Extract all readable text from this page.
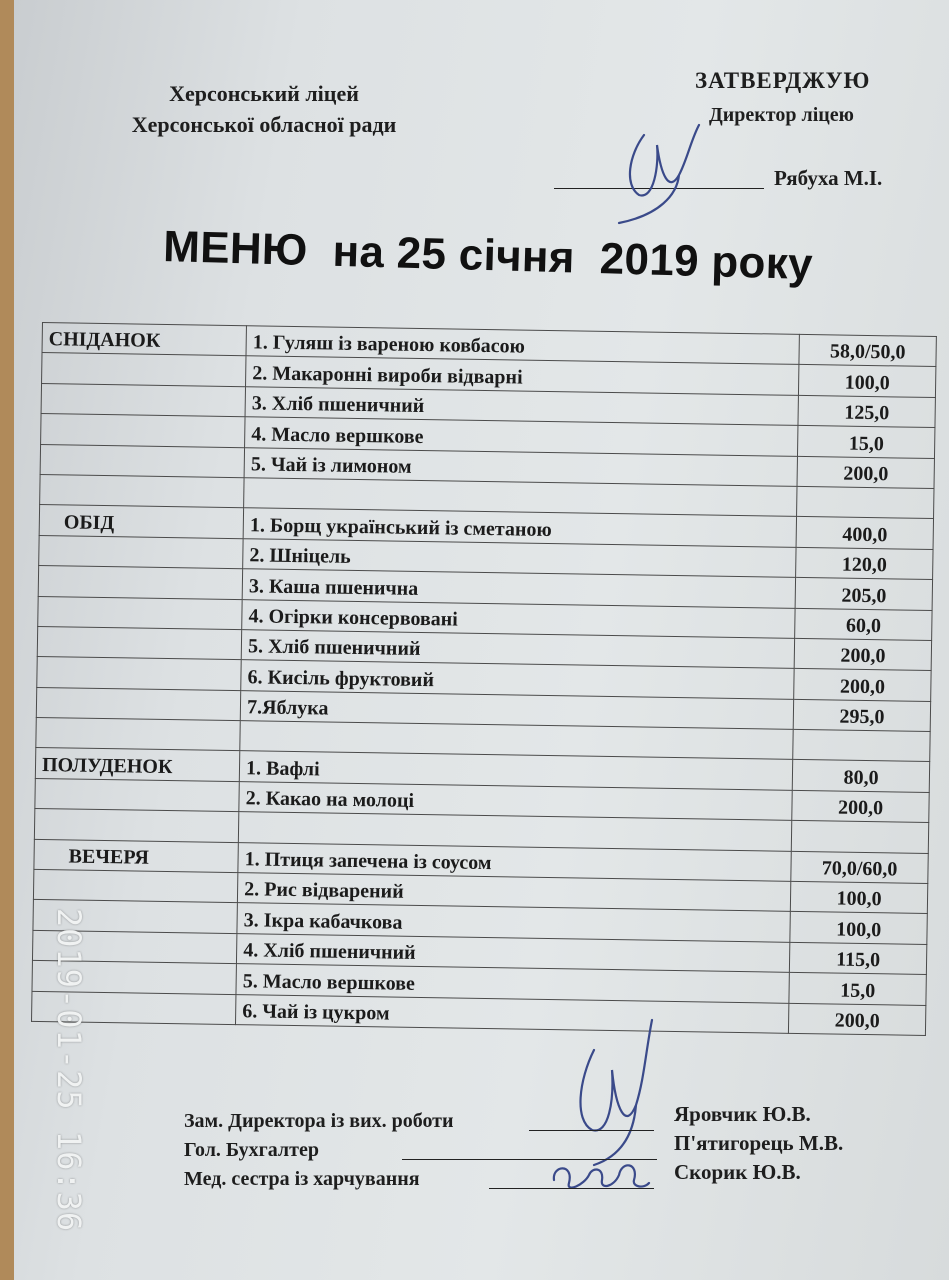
Херсонський ліцей
Херсонської обласної ради
ЗАТВЕРДЖУЮ
Директор ліцею
Рябуха М.І.
МЕНЮ  на 25 січня  2019 року
СНІДАНОК	1. Гуляш із вареною ковбасою	58,0/50,0
	2. Макаронні вироби відварні	100,0
	3. Хліб пшеничний	125,0
	4. Масло вершкове	15,0
	5. Чай із лимоном	200,0

ОБІД	1. Борщ український із сметаною	400,0
	2. Шніцель	120,0
	3. Каша пшенична	205,0
	4. Огірки консервовані	60,0
	5. Хліб пшеничний	200,0
	6. Кисіль фруктовий	200,0
	7.Яблука	295,0

ПОЛУДЕНОК	1. Вафлі	80,0
	2. Какао на молоці	200,0

ВЕЧЕРЯ	1. Птиця запечена із соусом	70,0/60,0
	2. Рис відварений	100,0
	3. Ікра кабачкова	100,0
	4. Хліб пшеничний	115,0
	5. Масло вершкове	15,0
	6. Чай із цукром	200,0
Зам. Директора із вих. роботи	Яровчик Ю.В.
Гол. Бухгалтер	П'ятигорець М.В.
Мед. сестра із харчування	Скорик Ю.В.
2019-01-25 16:36
